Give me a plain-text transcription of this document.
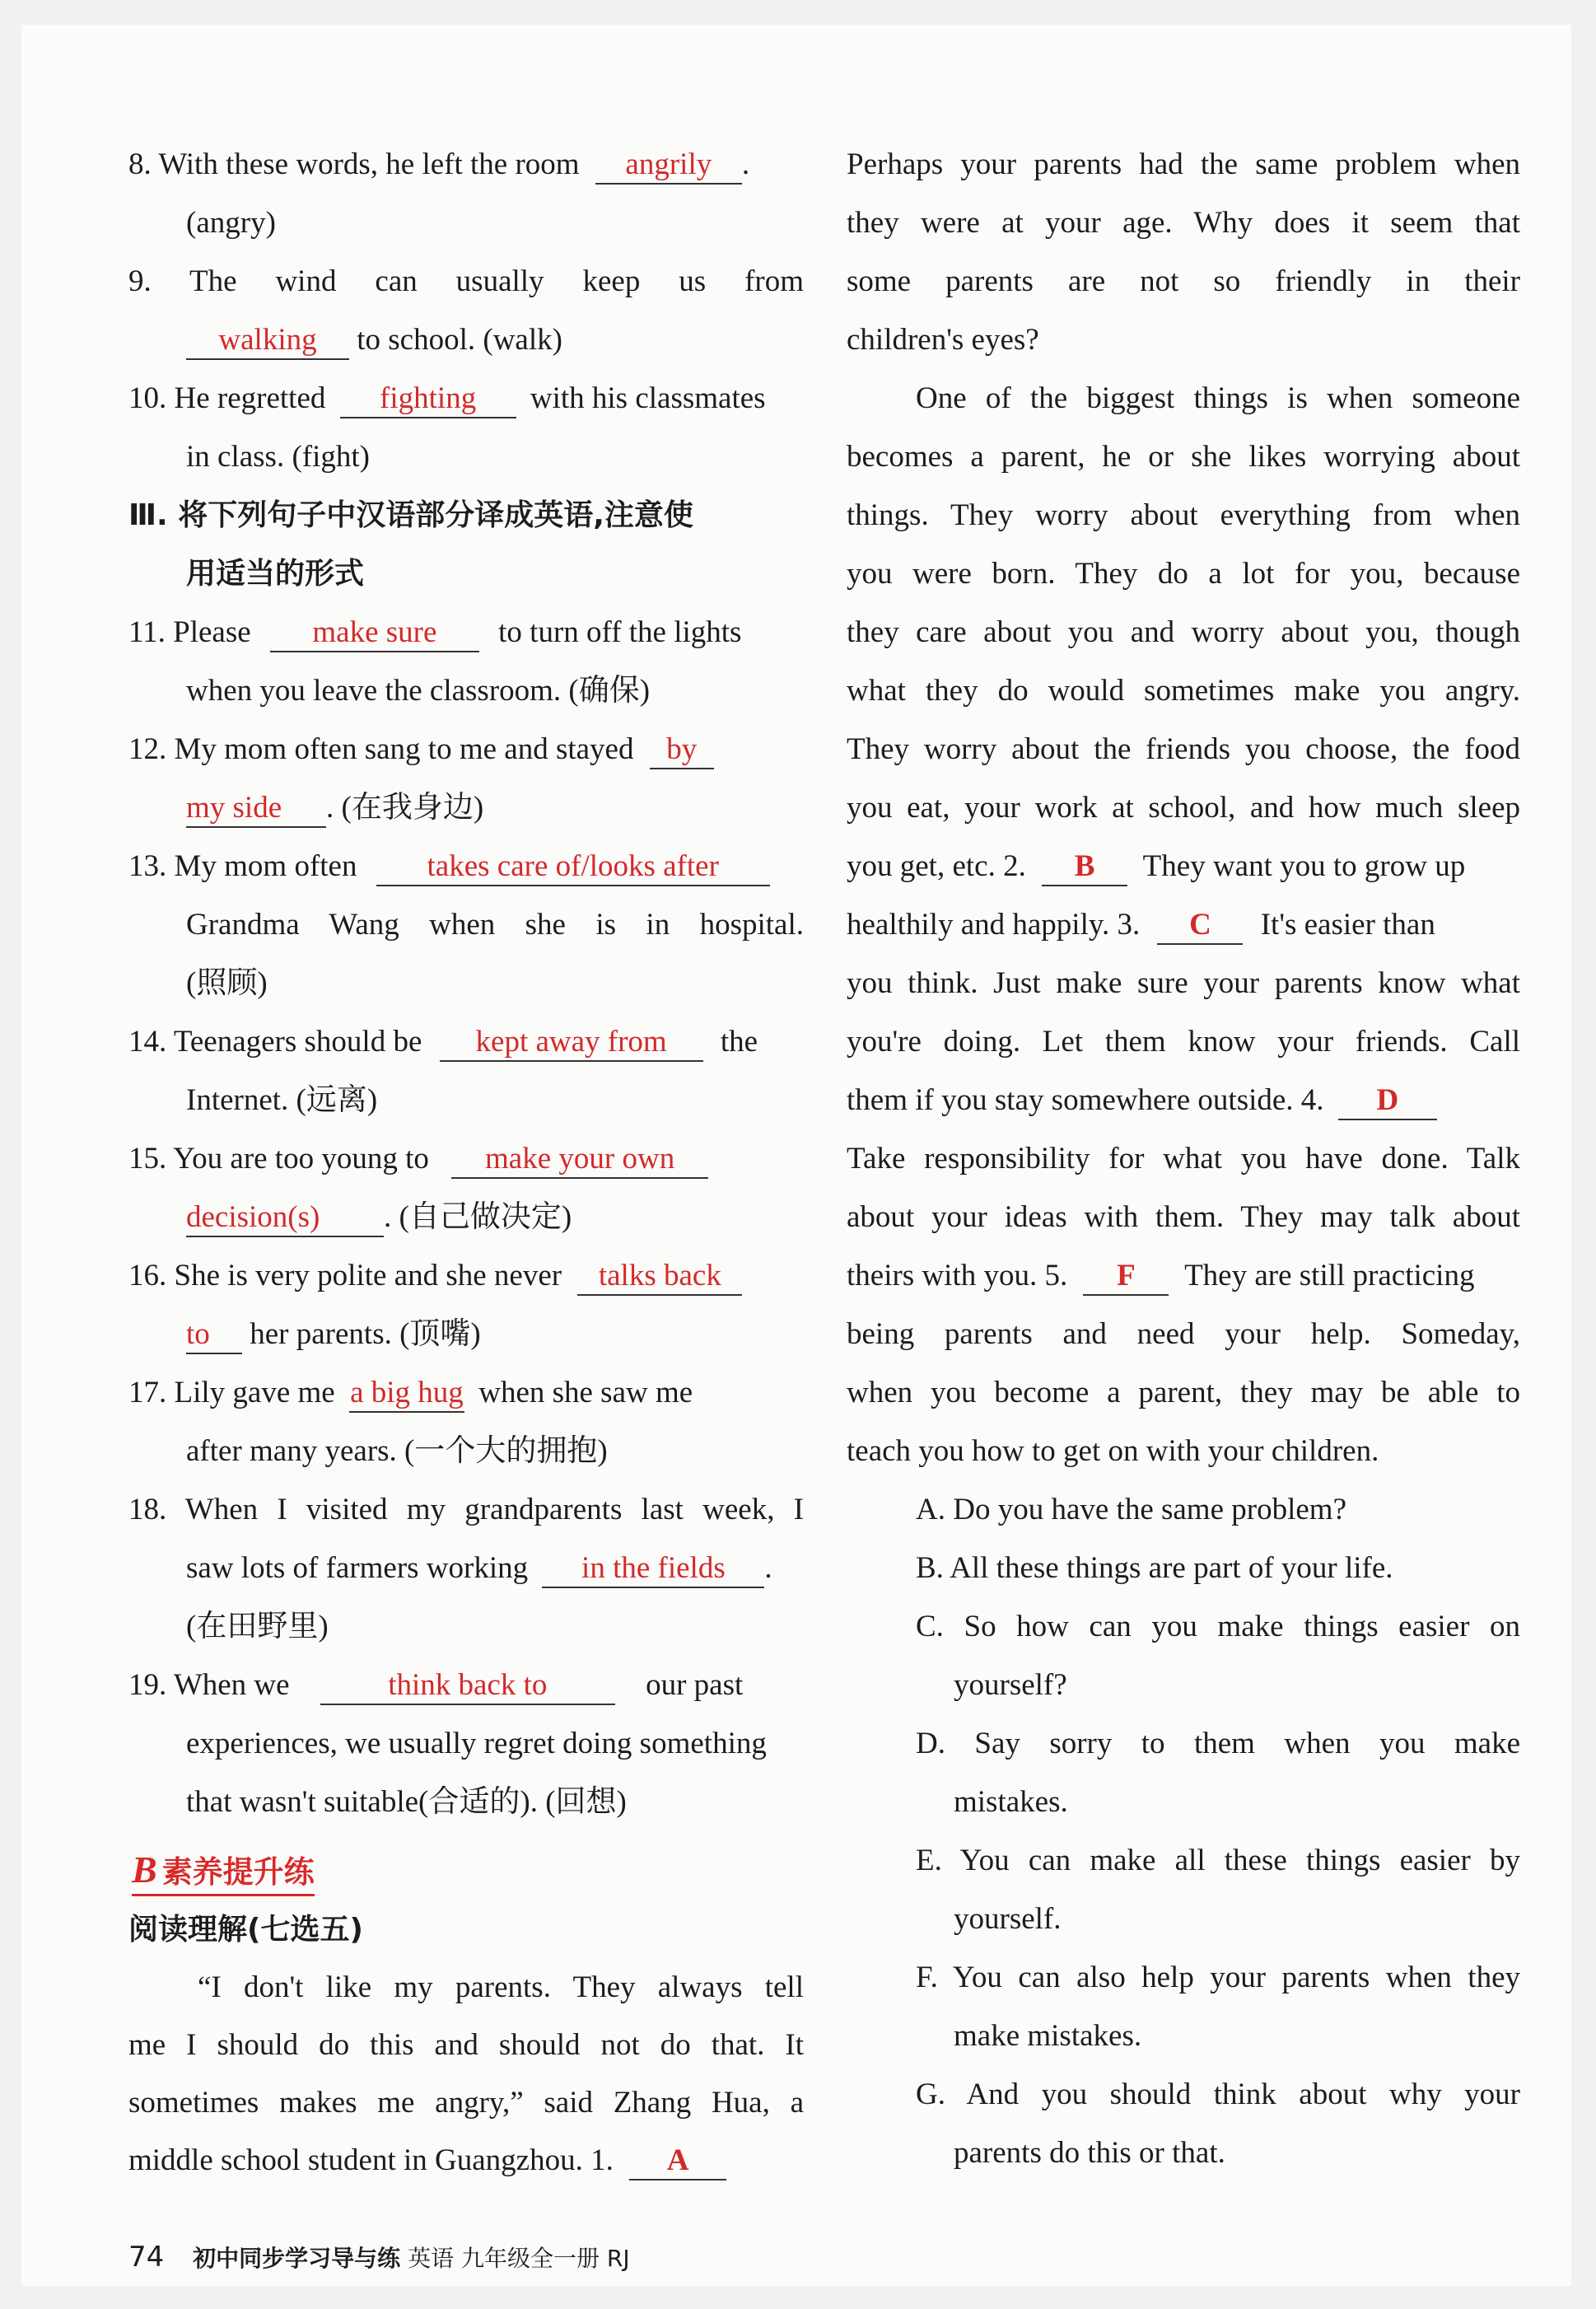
8. With these words, he left the room angrily .
(angry)
9. The wind can usually keep us from
walking to school. (walk)
10. He regretted fighting with his classmates
in class. (fight)
Ⅲ. 将下列句子中汉语部分译成英语,注意使
用适当的形式
11. Please make sure to turn off the lights
when you leave the classroom. (确保)
12. My mom often sang to me and stayed by
my side . (在我身边)
13. My mom often takes care of/looks after
Grandma Wang when she is in hospital.
(照顾)
14. Teenagers should be kept away from the
Internet. (远离)
15. You are too young to make your own
decision(s) . (自己做决定)
16. She is very polite and she never talks back
to her parents. (顶嘴)
17. Lily gave me a big hug when she saw me
after many years. (一个大的拥抱)
18. When I visited my grandparents last week, I
saw lots of farmers working in the fields .
(在田野里)
19. When we	think back to	our past
experiences, we usually regret doing something
that wasn't suitable(合适的). (回想)
B 素养提升练
阅读理解(七选五)
“I don't like my parents. They always tell
me I should do this and should not do that. It
sometimes makes me angry,” said Zhang Hua, a
middle school student in Guangzhou. 1. A
Perhaps your parents had the same problem when
they were at your age. Why does it seem that
some parents are not so friendly in their
children's eyes?
One of the biggest things is when someone
becomes a parent, he or she likes worrying about
things. They worry about everything from when
you were born. They do a lot for you, because
they care about you and worry about you, though
what they do would sometimes make you angry.
They worry about the friends you choose, the food
you eat, your work at school, and how much sleep
you get, etc. 2. B They want you to grow up
healthily and happily. 3. C It's easier than
you think. Just make sure your parents know what
you're doing. Let them know your friends. Call
them if you stay somewhere outside. 4. D
Take responsibility for what you have done. Talk
about your ideas with them. They may talk about
theirs with you. 5. F They are still practicing
being parents and need your help. Someday,
when you become a parent, they may be able to
teach you how to get on with your children.
A. Do you have the same problem?
B. All these things are part of your life.
C. So how can you make things easier on
yourself?
D. Say sorry to them when you make
mistakes.
E. You can make all these things easier by
yourself.
F. You can also help your parents when they
make mistakes.
G. And you should think about why your
parents do this or that.
74 初中同步学习导与练 英语 九年级全一册 RJ
